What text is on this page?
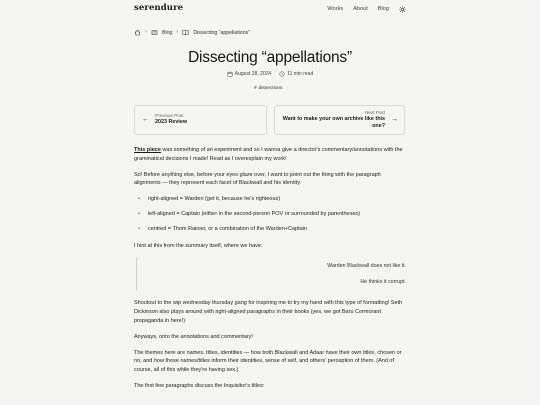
serendure	Works About Blog
›	Blog ›	Dissecting “appellations”
Dissecting “appellations”
August 28, 2024	11 min read
# dissections
←
Previous Post
2023 Review
Next Post
Want to make your own archive like this one?
→

This piece was something of an experiment and so I wanna give a director's commentary/annotations with the grammatical decisions I made! Read as I overexplain my work!

So! Before anything else, before your eyes glaze over, I want to point out the thing with the paragraph alignments — they represent each facet of Blackwall and his identity:

• right-aligned = Warden (get it, because he's righteous)
• left-aligned = Captain (either in the second-person POV or surrounded by parentheses)
• centred = Thom Rainier, or a combination of the Warden+Captain

I hint at this from the summary itself, where we have:

Warden Blackwall does not like it.
He thinks it corrupt.

Shoutout to the wip wednesday thursday gang for inspiring me to try my hand with this type of formatting! Seth Dickinson also plays around with right-aligned paragraphs in their books (yes, we got Baru Cormorant propaganda in here!)

Anyways, onto the annotations and commentary!

The themes here are names, titles, identities — how both Blackwall and Adaar have their own titles, chosen or no, and how those names/titles inform their identities, sense of self, and others' perception of them. (And of course, all of this while they're having sex.)

The first few paragraphs discuss the Inquisitor's titles:
